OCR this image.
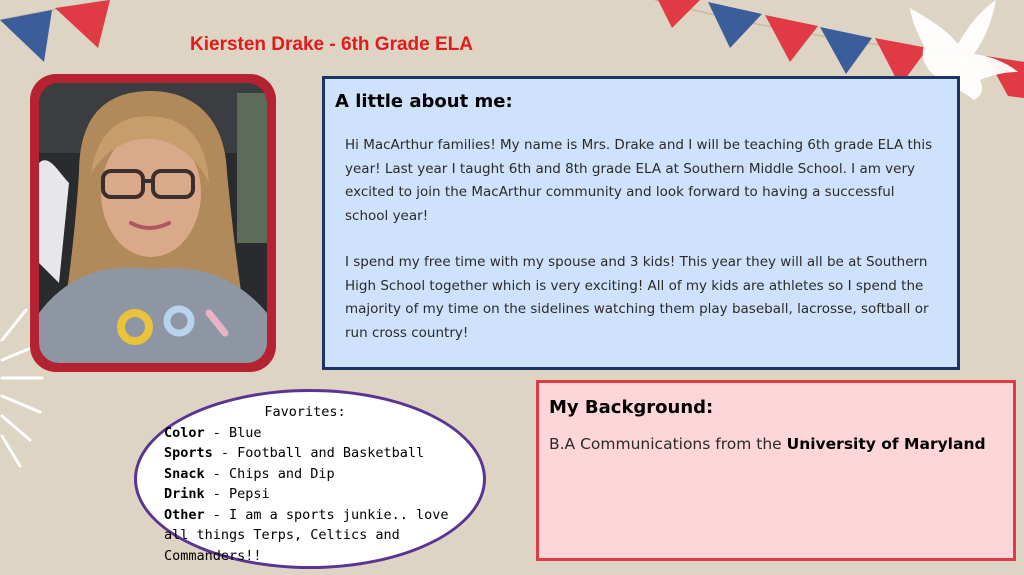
Kiersten Drake - 6th Grade ELA
A little about me:
Hi MacArthur families! My name is Mrs. Drake and I will be teaching 6th grade ELA this year! Last year I taught 6th and 8th grade ELA at Southern Middle School. I am very excited to join the MacArthur community and look forward to having a successful school year!
I spend my free time with my spouse and 3 kids! This year they will all be at Southern High School together which is very exciting! All of my kids are athletes so I spend the majority of my time on the sidelines watching them play baseball, lacrosse, softball or run cross country!
Favorites:
Color - Blue
Sports - Football and Basketball
Snack - Chips and Dip
Drink - Pepsi
Other - I am a sports junkie.. love all things Terps, Celtics and Commanders!!
My Background:
B.A Communications from the University of Maryland
